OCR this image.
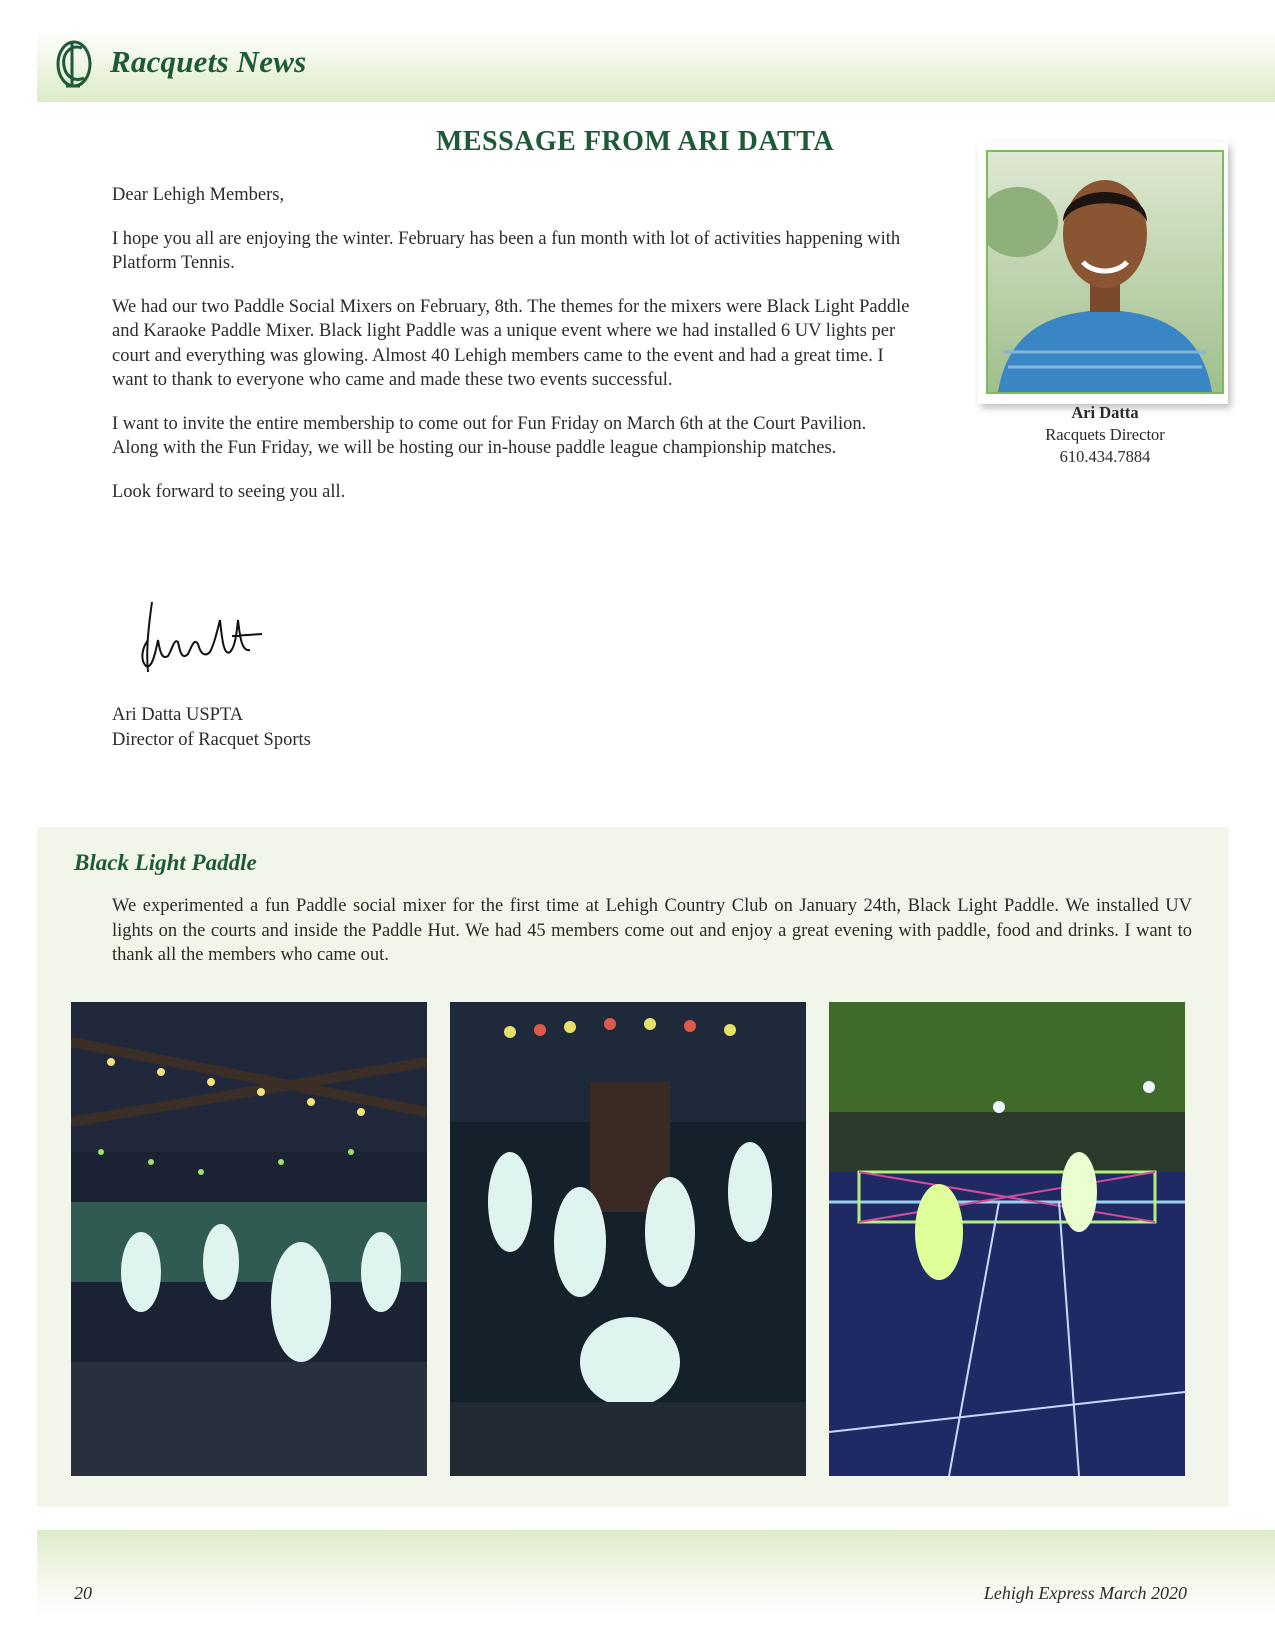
Racquets News
MESSAGE FROM ARI DATTA

Dear Lehigh Members,

I hope you all are enjoying the winter. February has been a fun month with lot of activities happening with Platform Tennis.

We had our two Paddle Social Mixers on February, 8th. The themes for the mixers were Black Light Paddle and Karaoke Paddle Mixer. Black light Paddle was a unique event where we had installed 6 UV lights per court and everything was glowing. Almost 40 Lehigh members came to the event and had a great time. I want to thank to everyone who came and made these two events successful.

I want to invite the entire membership to come out for Fun Friday on March 6th at the Court Pavilion. Along with the Fun Friday, we will be hosting our in-house paddle league championship matches.

Look forward to seeing you all.

Ari Datta USPTA
Director of Racquet Sports
Ari Datta
Racquets Director
610.434.7884
Black Light Paddle
We experimented a fun Paddle social mixer for the first time at Lehigh Country Club on January 24th, Black Light Paddle. We installed UV lights on the courts and inside the Paddle Hut. We had 45 members come out and enjoy a great evening with paddle, food and drinks. I want to thank all the members who came out.
20	Lehigh Express March 2020
